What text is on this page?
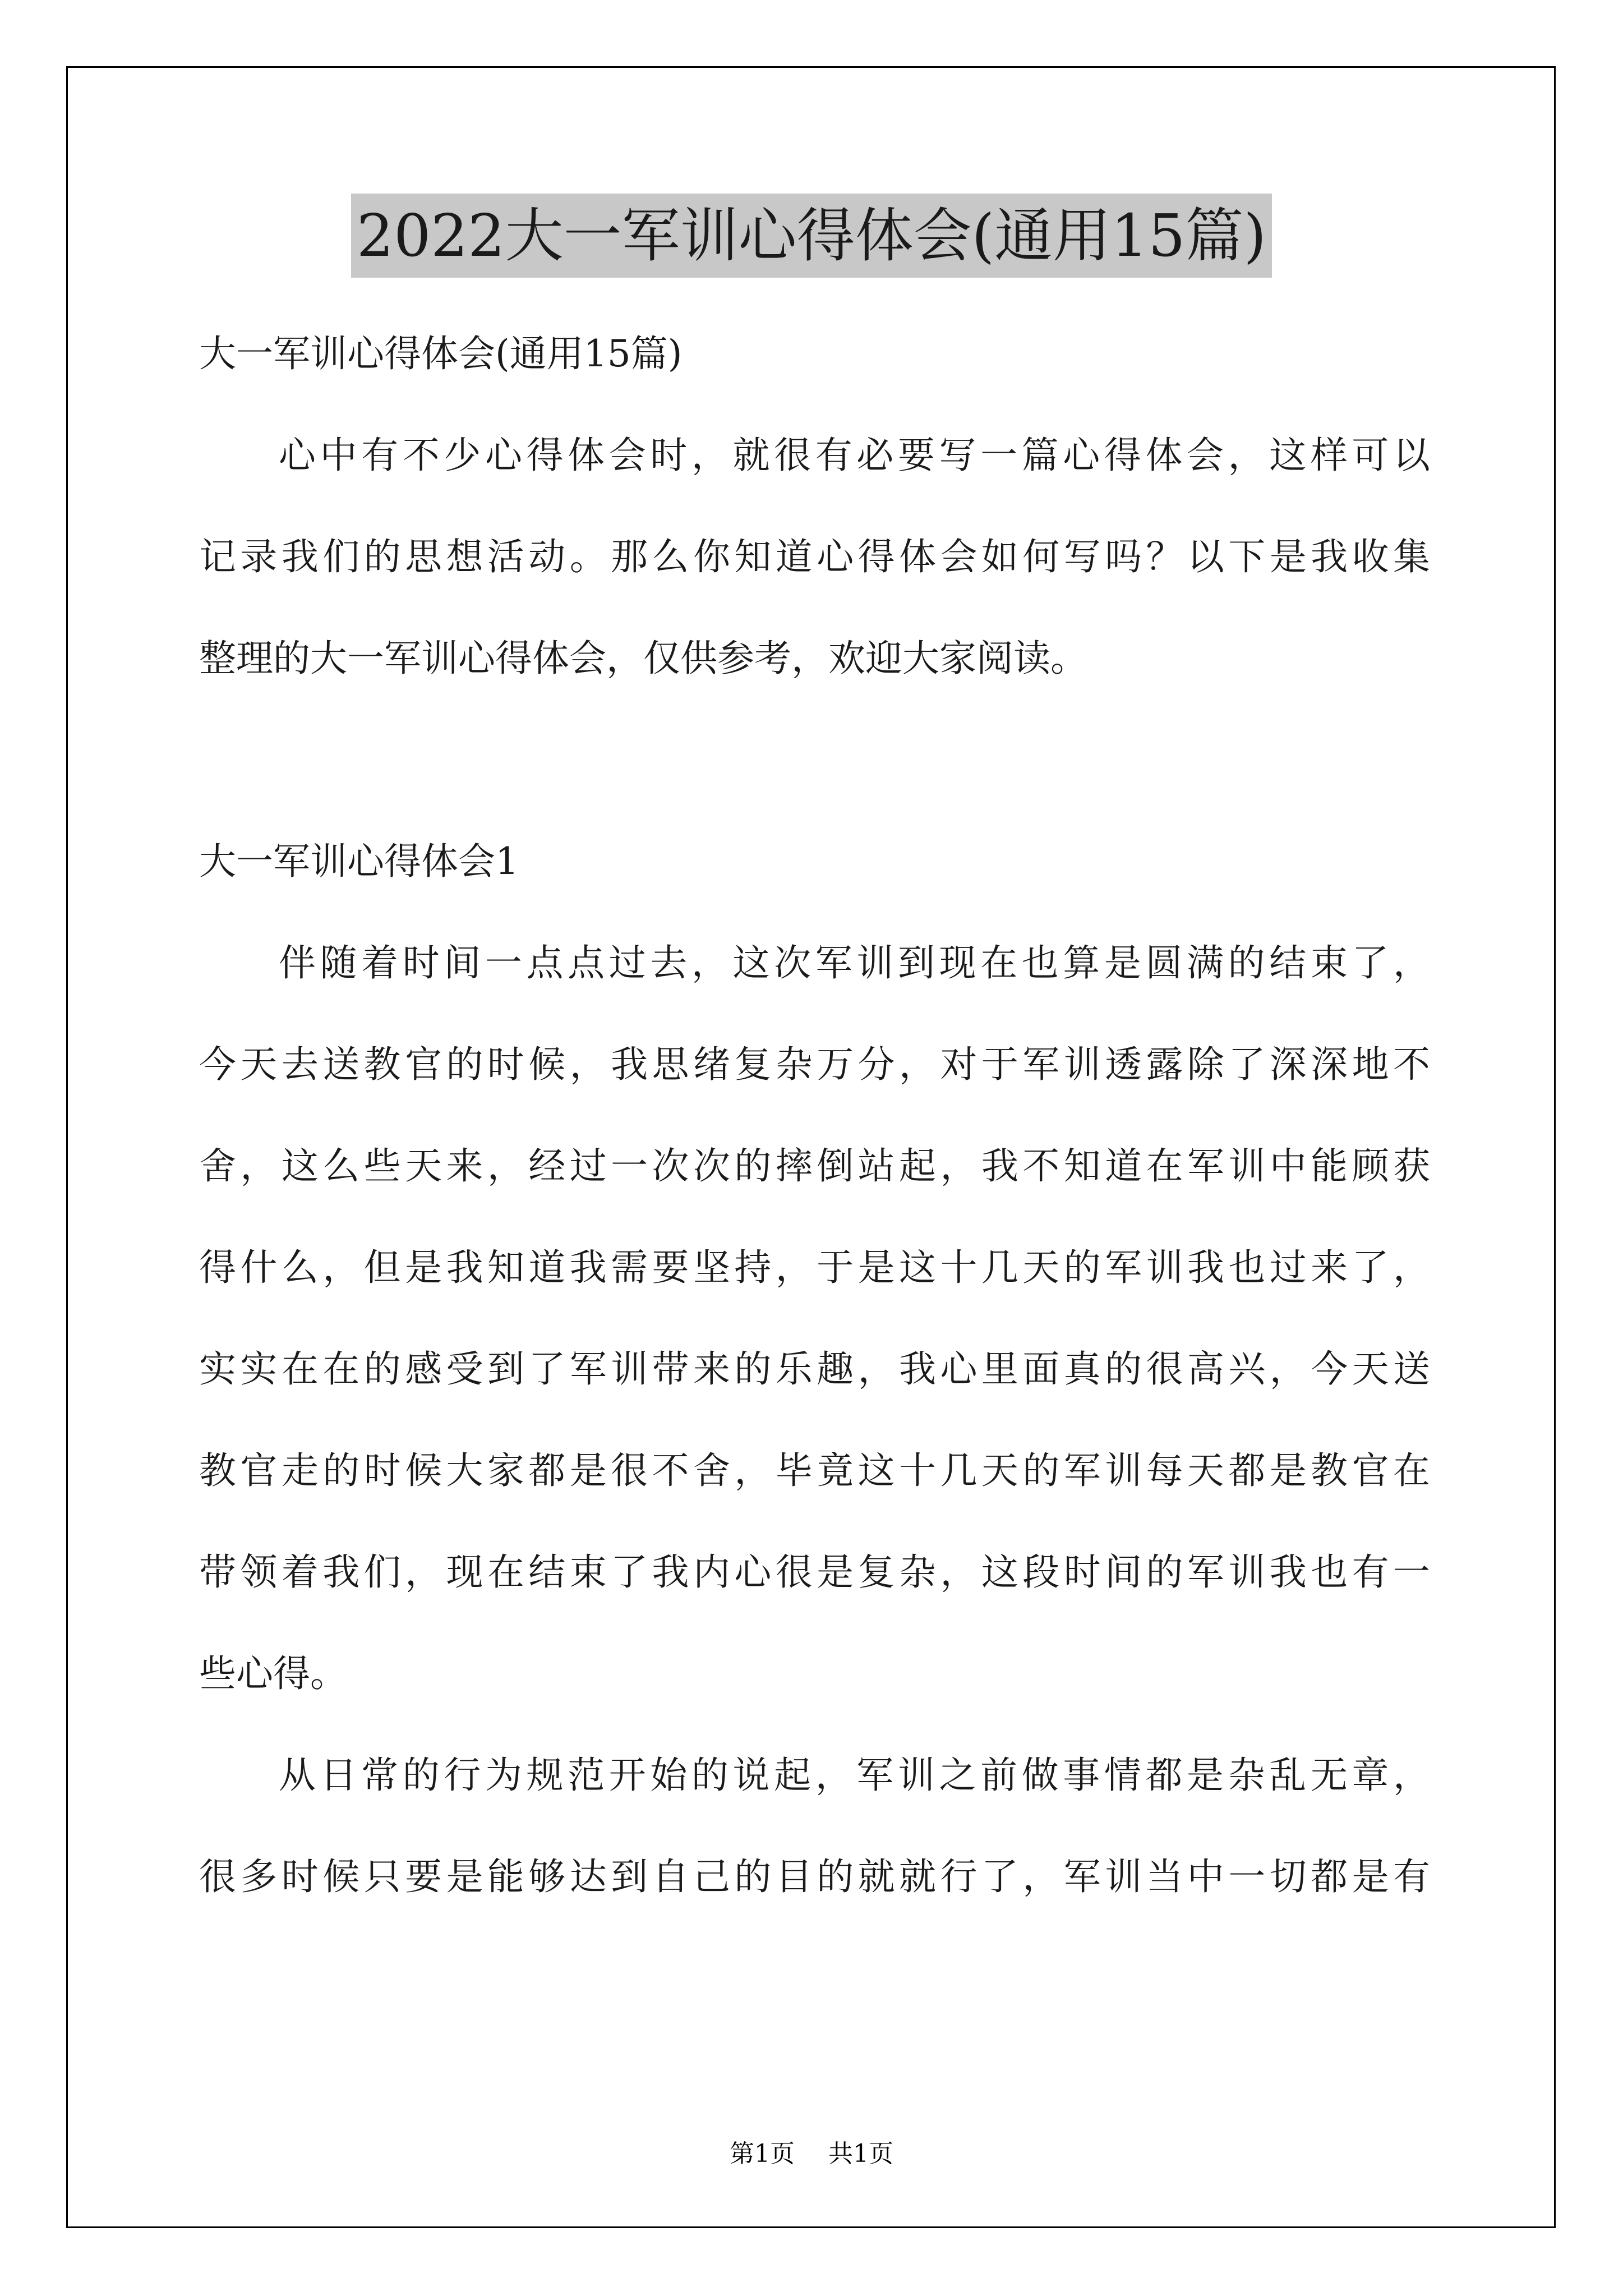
2022大一军训心得体会(通用15篇)
大一军训心得体会(通用15篇)
心中有不少心得体会时，就很有必要写一篇心得体会，这样可以
记录我们的思想活动。那么你知道心得体会如何写吗？以下是我收集
整理的大一军训心得体会，仅供参考，欢迎大家阅读。
大一军训心得体会1
伴随着时间一点点过去，这次军训到现在也算是圆满的结束了，
今天去送教官的时候，我思绪复杂万分，对于军训透露除了深深地不
舍，这么些天来，经过一次次的摔倒站起，我不知道在军训中能顾获
得什么，但是我知道我需要坚持，于是这十几天的军训我也过来了，
实实在在的感受到了军训带来的乐趣，我心里面真的很高兴，今天送
教官走的时候大家都是很不舍，毕竟这十几天的军训每天都是教官在
带领着我们，现在结束了我内心很是复杂，这段时间的军训我也有一
些心得。
从日常的行为规范开始的说起，军训之前做事情都是杂乱无章，
很多时候只要是能够达到自己的目的就就行了，军训当中一切都是有
第1页 共1页
